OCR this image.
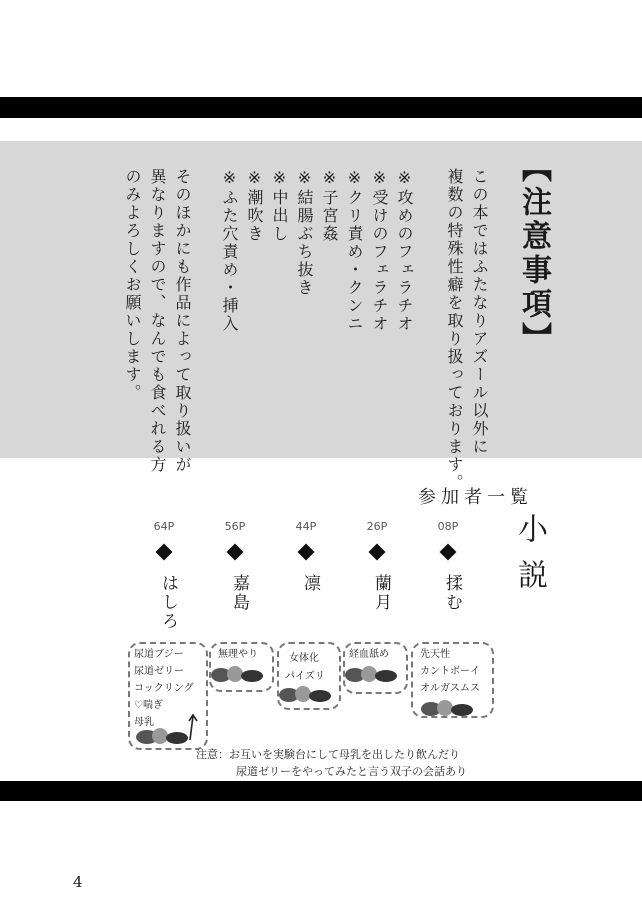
【注意事項】
この本ではふたなりアズール以外に
複数の特殊性癖を取り扱っております。
※攻めのフェラチオ
※受けのフェラチオ
※クリ責め・クンニ
※子宮姦
※結腸ぶち抜き
※中出し
※潮吹き
※ふた穴責め・挿入
そのほかにも作品によって取り扱いが
異なりますので、なんでも食べれる方
のみよろしくお願いします。
参加者一覧
小説
08P
揉む
26P
蘭月
44P
凛
56P
嘉島
64P
はしろ
尿道ブジー
尿道ゼリー
コックリング
♡喘ぎ
母乳
無理やり	女体化
パイズリ
経血舐め	先天性
カントボーイ
オルガスムス
注意：お互いを実験台にして母乳を出したり飲んだり
尿道ゼリーをやってみたと言う双子の会話あり
4
